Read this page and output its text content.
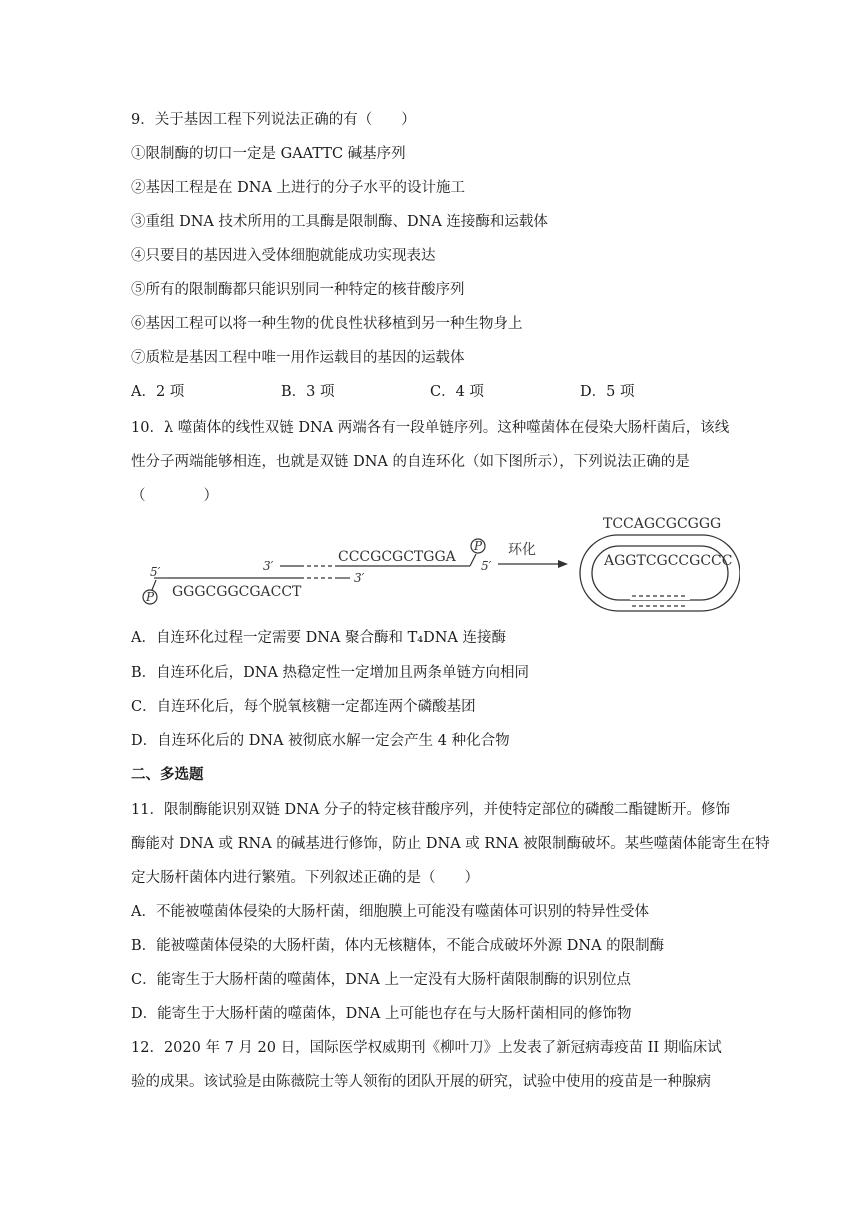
9．关于基因工程下列说法正确的有（　　）
①限制酶的切口一定是 GAATTC 碱基序列
②基因工程是在 DNA 上进行的分子水平的设计施工
③重组 DNA 技术所用的工具酶是限制酶、DNA 连接酶和运载体
④只要目的基因进入受体细胞就能成功实现表达
⑤所有的限制酶都只能识别同一种特定的核苷酸序列
⑥基因工程可以将一种生物的优良性状移植到另一种生物身上
⑦质粒是基因工程中唯一用作运载目的基因的运载体
A．2 项	B．3 项	C．4 项	D．5 项
10．λ 噬菌体的线性双链 DNA 两端各有一段单链序列。这种噬菌体在侵染大肠杆菌后，该线
性分子两端能够相连，也就是双链 DNA 的自连环化（如下图所示），下列说法正确的是
（　　　　）
3′
CCCGCGCTGGA
P
5′
5′
P
3′
GGGCGGCGACCT
环化
TCCAGCGCGGG
AGGTCGCCGCCC
A．自连环化过程一定需要 DNA 聚合酶和 T₄DNA 连接酶
B．自连环化后，DNA 热稳定性一定增加且两条单链方向相同
C．自连环化后，每个脱氧核糖一定都连两个磷酸基团
D．自连环化后的 DNA 被彻底水解一定会产生 4 种化合物
二、多选题
11．限制酶能识别双链 DNA 分子的特定核苷酸序列，并使特定部位的磷酸二酯键断开。修饰
酶能对 DNA 或 RNA 的碱基进行修饰，防止 DNA 或 RNA 被限制酶破坏。某些噬菌体能寄生在特
定大肠杆菌体内进行繁殖。下列叙述正确的是（　　）
A．不能被噬菌体侵染的大肠杆菌，细胞膜上可能没有噬菌体可识别的特异性受体
B．能被噬菌体侵染的大肠杆菌，体内无核糖体，不能合成破坏外源 DNA 的限制酶
C．能寄生于大肠杆菌的噬菌体，DNA 上一定没有大肠杆菌限制酶的识别位点
D．能寄生于大肠杆菌的噬菌体，DNA 上可能也存在与大肠杆菌相同的修饰物
12．2020 年 7 月 20 日，国际医学权威期刊《柳叶刀》上发表了新冠病毒疫苗 II 期临床试
验的成果。该试验是由陈薇院士等人领衔的团队开展的研究，试验中使用的疫苗是一种腺病
